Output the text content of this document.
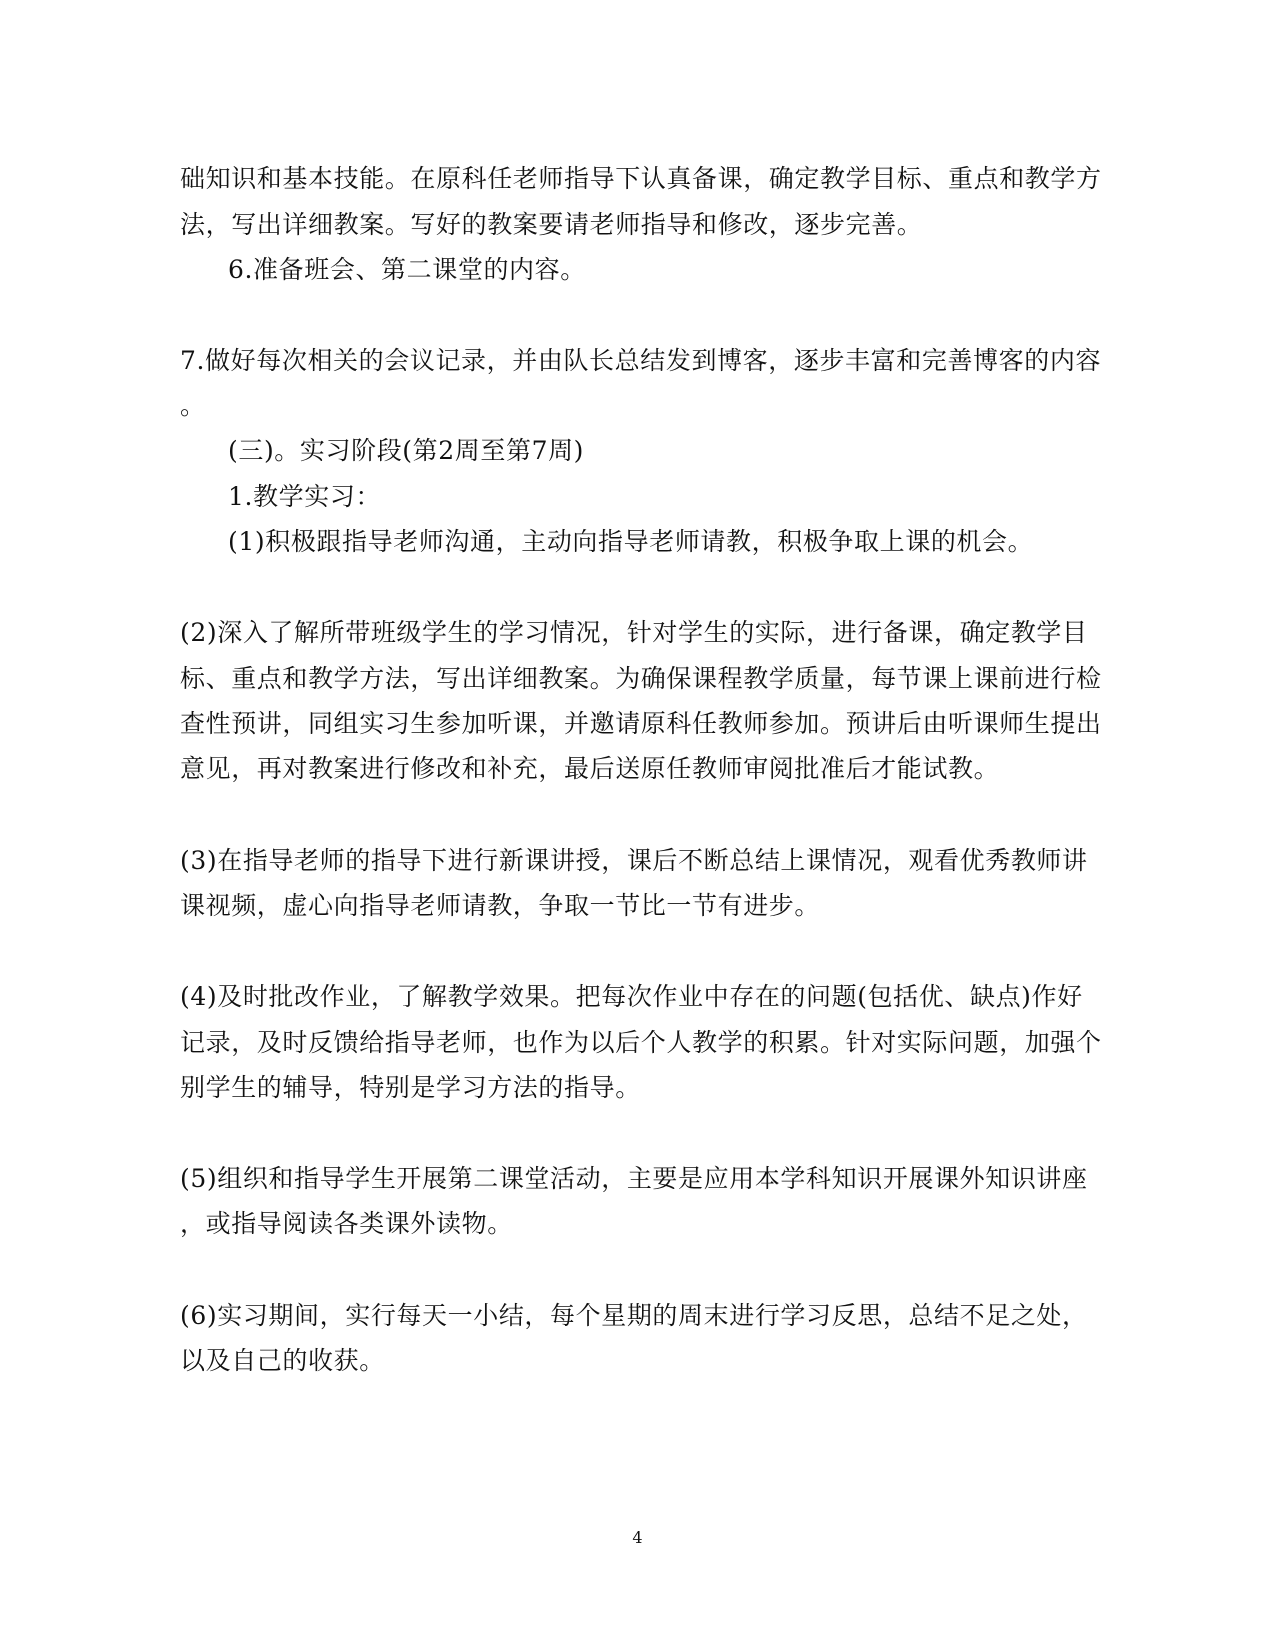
础知识和基本技能。在原科任老师指导下认真备课，确定教学目标、重点和教学方
法，写出详细教案。写好的教案要请老师指导和修改，逐步完善。
6.准备班会、第二课堂的内容。
7.做好每次相关的会议记录，并由队长总结发到博客，逐步丰富和完善博客的内容
。
(三)。实习阶段(第2周至第7周)
1.教学实习：
(1)积极跟指导老师沟通，主动向指导老师请教，积极争取上课的机会。
(2)深入了解所带班级学生的学习情况，针对学生的实际，进行备课，确定教学目
标、重点和教学方法，写出详细教案。为确保课程教学质量，每节课上课前进行检
查性预讲，同组实习生参加听课，并邀请原科任教师参加。预讲后由听课师生提出
意见，再对教案进行修改和补充，最后送原任教师审阅批准后才能试教。
(3)在指导老师的指导下进行新课讲授，课后不断总结上课情况，观看优秀教师讲
课视频，虚心向指导老师请教，争取一节比一节有进步。
(4)及时批改作业，了解教学效果。把每次作业中存在的问题(包括优、缺点)作好
记录，及时反馈给指导老师，也作为以后个人教学的积累。针对实际问题，加强个
别学生的辅导，特别是学习方法的指导。
(5)组织和指导学生开展第二课堂活动，主要是应用本学科知识开展课外知识讲座
，或指导阅读各类课外读物。
(6)实习期间，实行每天一小结，每个星期的周末进行学习反思，总结不足之处，
以及自己的收获。
4
